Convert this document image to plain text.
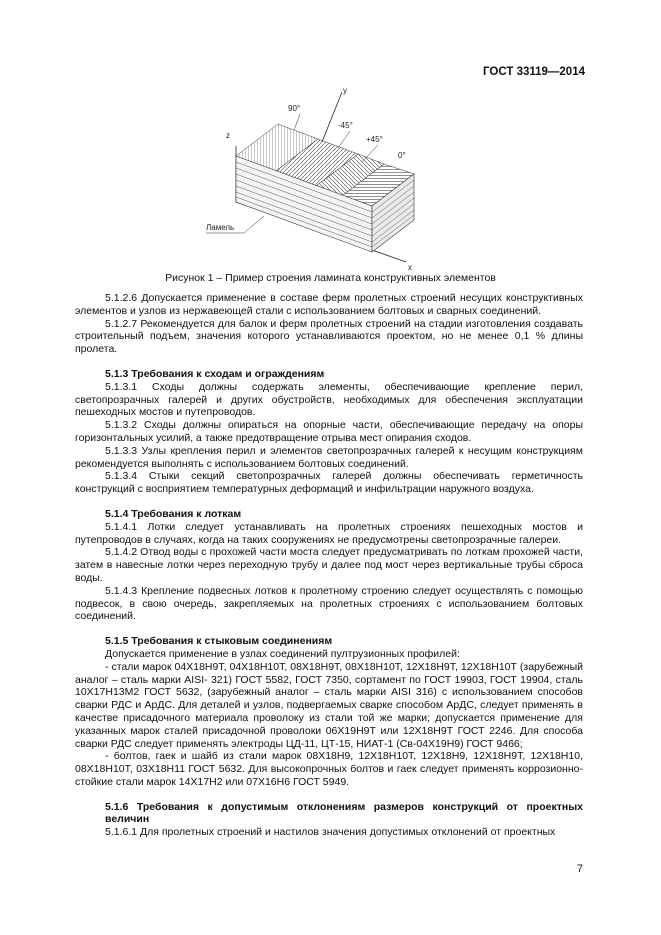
ГОСТ 33119—2014
y
z
x
90°
-45°
+45°
0°
Ламель
Рисунок 1 – Пример строения ламината конструктивных элементов

5.1.2.6 Допускается применение в составе ферм пролетных строений несущих конструктивных элементов и узлов из нержавеющей стали с использованием болтовых и сварных соединений.

5.1.2.7 Рекомендуется для балок и ферм пролетных строений на стадии изготовления создавать строительный подъем, значения которого устанавливаются проектом, но не менее 0,1 % длины пролета.

5.1.3 Требования к сходам и ограждениям

5.1.3.1 Сходы должны содержать элементы, обеспечивающие крепление перил, светопрозрачных галерей и других обустройств, необходимых для обеспечения эксплуатации пешеходных мостов и путепроводов.

5.1.3.2 Сходы должны опираться на опорные части, обеспечивающие передачу на опоры горизонтальных усилий, а также предотвращение отрыва мест опирания сходов.

5.1.3.3 Узлы крепления перил и элементов светопрозрачных галерей к несущим конструкциям рекомендуется выполнять с использованием болтовых соединений.

5.1.3.4 Стыки секций светопрозрачных галерей должны обеспечивать герметичность конструкций с восприятием температурных деформаций и инфильтрации наружного воздуха.

5.1.4 Требования к лоткам

5.1.4.1 Лотки следует устанавливать на пролетных строениях пешеходных мостов и путепроводов в случаях, когда на таких сооружениях не предусмотрены светопрозрачные галереи.

5.1.4.2 Отвод воды с прохожей части моста следует предусматривать по лоткам прохожей части, затем в навесные лотки через переходную трубу и далее под мост через вертикальные трубы сброса воды.

5.1.4.3 Крепление подвесных лотков к пролетному строению следует осуществлять с помощью подвесок, в свою очередь, закрепляемых на пролетных строениях с использованием болтовых соединений.

5.1.5 Требования к стыковым соединениям

Допускается применение в узлах соединений пултрузионных профилей:

- стали марок 04Х18Н9Т, 04Х18Н10Т, 08Х18Н9Т, 08Х18Н10Т, 12Х18Н9Т, 12Х18Н10Т (зарубежный аналог – сталь марки AISI- 321) ГОСТ 5582, ГОСТ 7350, сортамент по ГОСТ 19903, ГОСТ 19904, сталь 10Х17Н13М2 ГОСТ 5632, (зарубежный аналог – сталь марки AISI 316) с использованием способов сварки РДС и АрДС. Для деталей и узлов, подвергаемых сварке способом АрДС, следует применять в качестве присадочного материала проволоку из стали той же марки; допускается применение для указанных марок сталей присадочной проволоки 06Х19Н9Т или 12Х18Н9Т ГОСТ 2246. Для способа сварки РДС следует применять электроды ЦД-11, ЦТ-15, НИАТ-1 (Св-04Х19Н9) ГОСТ 9466;

- болтов, гаек и шайб из стали марок 08Х18Н9, 12Х18Н10Т, 12Х18Н9, 12Х18Н9Т, 12Х18Н10, 08Х18Н10Т, 03Х18Н11 ГОСТ 5632. Для высокопрочных болтов и гаек следует применять коррозионно-стойкие стали марок 14Х17Н2 или 07Х16Н6 ГОСТ 5949.

5.1.6 Требования к допустимым отклонениям размеров конструкций от проектных величин

5.1.6.1 Для пролетных строений и настилов значения допустимых отклонений от проектных

7
